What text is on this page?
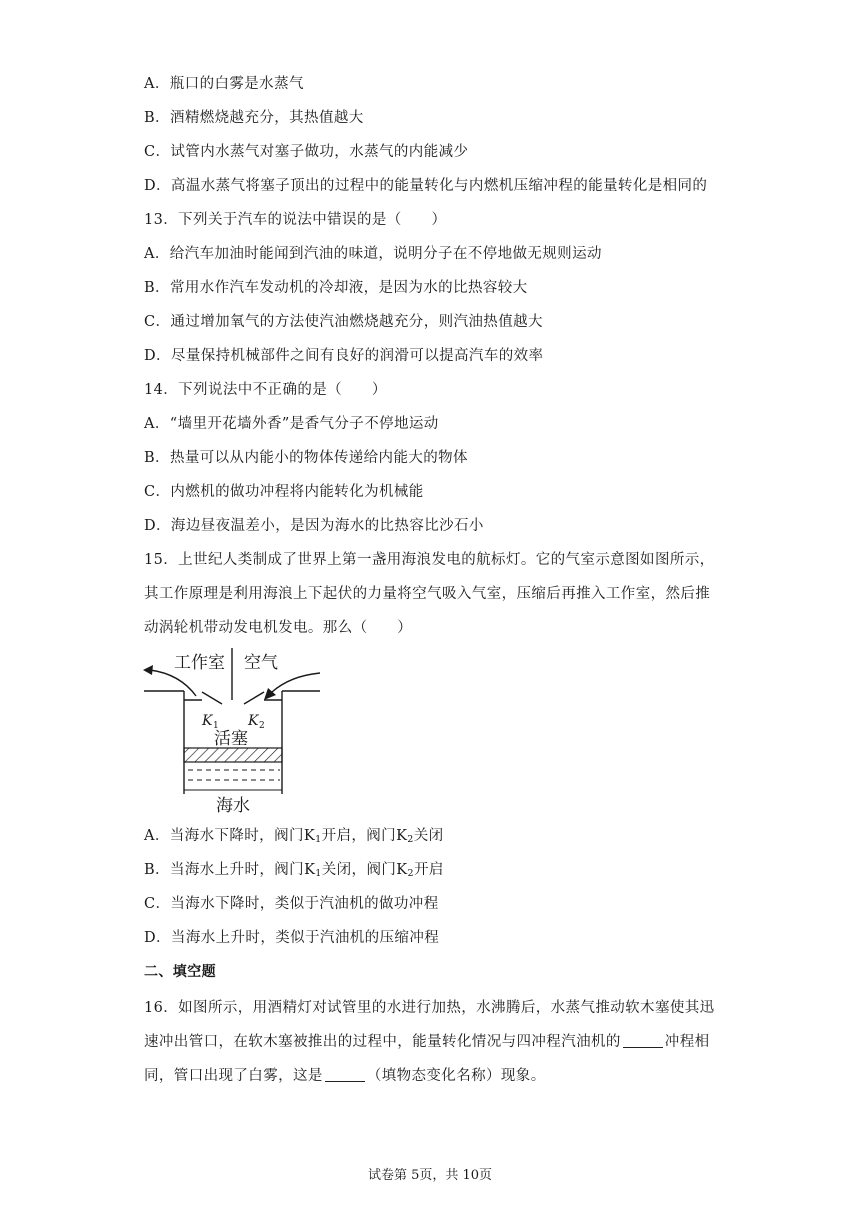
A．瓶口的白雾是水蒸气
B．酒精燃烧越充分，其热值越大
C．试管内水蒸气对塞子做功，水蒸气的内能减少
D．高温水蒸气将塞子顶出的过程中的能量转化与内燃机压缩冲程的能量转化是相同的
13．下列关于汽车的说法中错误的是（　　）
A．给汽车加油时能闻到汽油的味道，说明分子在不停地做无规则运动
B．常用水作汽车发动机的冷却液，是因为水的比热容较大
C．通过增加氧气的方法使汽油燃烧越充分，则汽油热值越大
D．尽量保持机械部件之间有良好的润滑可以提高汽车的效率
14．下列说法中不正确的是（　　）
A．“墙里开花墙外香”是香气分子不停地运动
B．热量可以从内能小的物体传递给内能大的物体
C．内燃机的做功冲程将内能转化为机械能
D．海边昼夜温差小，是因为海水的比热容比沙石小
15．上世纪人类制成了世界上第一盏用海浪发电的航标灯。它的气室示意图如图所示，
其工作原理是利用海浪上下起伏的力量将空气吸入气室，压缩后再推入工作室，然后推
动涡轮机带动发电机发电。那么（　　）
工作室 空气
K 1 K 2
活塞
海水
A．当海水下降时，阀门$K_1$开启，阀门$K_2$关闭
B．当海水上升时，阀门$K_1$关闭，阀门$K_2$开启
C．当海水下降时，类似于汽油机的做功冲程
D．当海水上升时，类似于汽油机的压缩冲程
二、填空题
16．如图所示，用酒精灯对试管里的水进行加热，水沸腾后，水蒸气推动软木塞使其迅
速冲出管口，在软木塞被推出的过程中，能量转化情况与四冲程汽油机的	冲程相
同，管口出现了白雾，这是	（填物态变化名称）现象。
试卷第 5页，共 10页
